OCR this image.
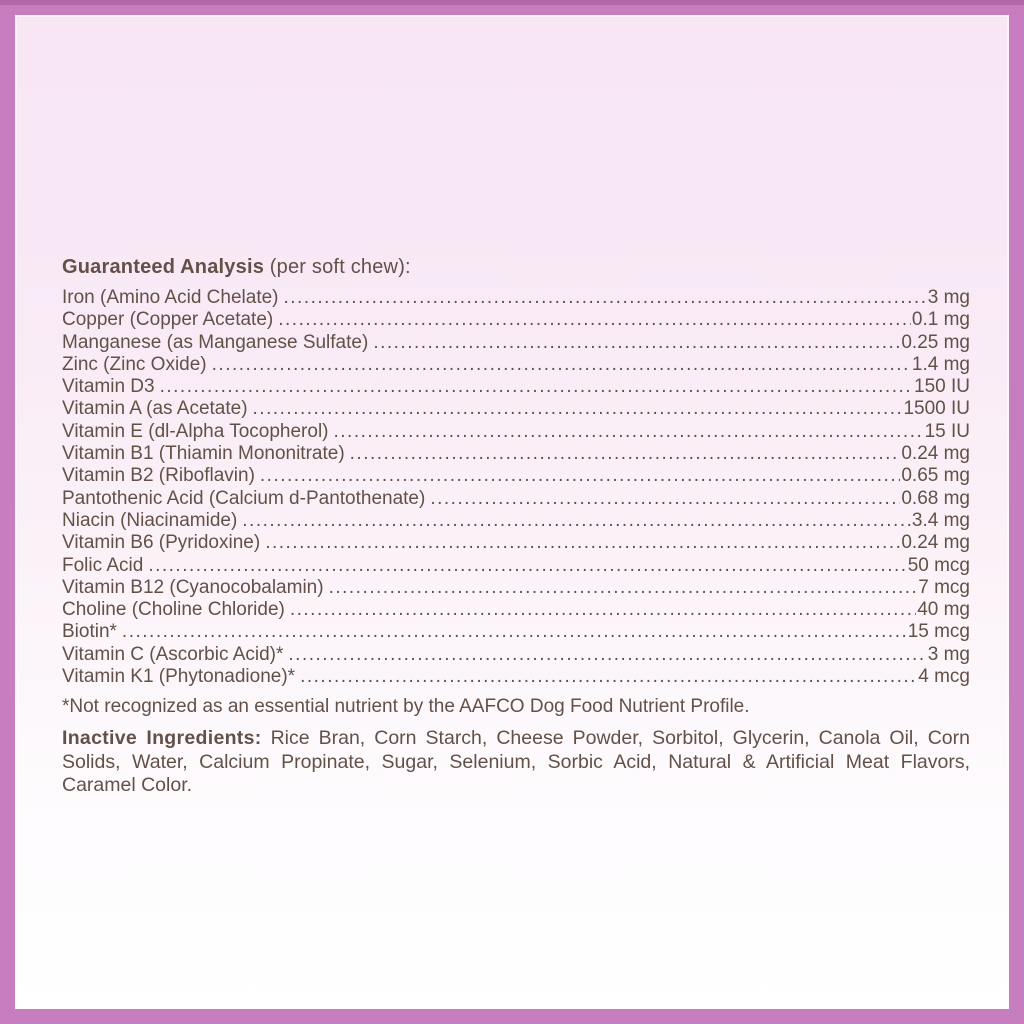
Guaranteed Analysis (per soft chew):
Iron (Amino Acid Chelate) .....	3 mg
Copper (Copper Acetate) .....	0.1 mg
Manganese (as Manganese Sulfate) .....	0.25 mg
Zinc (Zinc Oxide) .....	1.4 mg
Vitamin D3 .....	150 IU
Vitamin A (as Acetate) .....	1500 IU
Vitamin E (dl-Alpha Tocopherol) .....	15 IU
Vitamin B1 (Thiamin Mononitrate) .....	0.24 mg
Vitamin B2 (Riboflavin) .....	0.65 mg
Pantothenic Acid (Calcium d-Pantothenate) .....	0.68 mg
Niacin (Niacinamide) .....	3.4 mg
Vitamin B6 (Pyridoxine) .....	0.24 mg
Folic Acid .....	50 mcg
Vitamin B12 (Cyanocobalamin) .....	7 mcg
Choline (Choline Chloride) .....	40 mg
Biotin* .....	15 mcg
Vitamin C (Ascorbic Acid)* .....	3 mg
Vitamin K1 (Phytonadione)* .....	4 mcg
*Not recognized as an essential nutrient by the AAFCO Dog Food Nutrient Profile.
Inactive Ingredients: Rice Bran, Corn Starch, Cheese Powder, Sorbitol, Glycerin, Canola Oil, Corn Solids, Water, Calcium Propinate, Sugar, Selenium, Sorbic Acid, Natural & Artificial Meat Flavors, Caramel Color.
